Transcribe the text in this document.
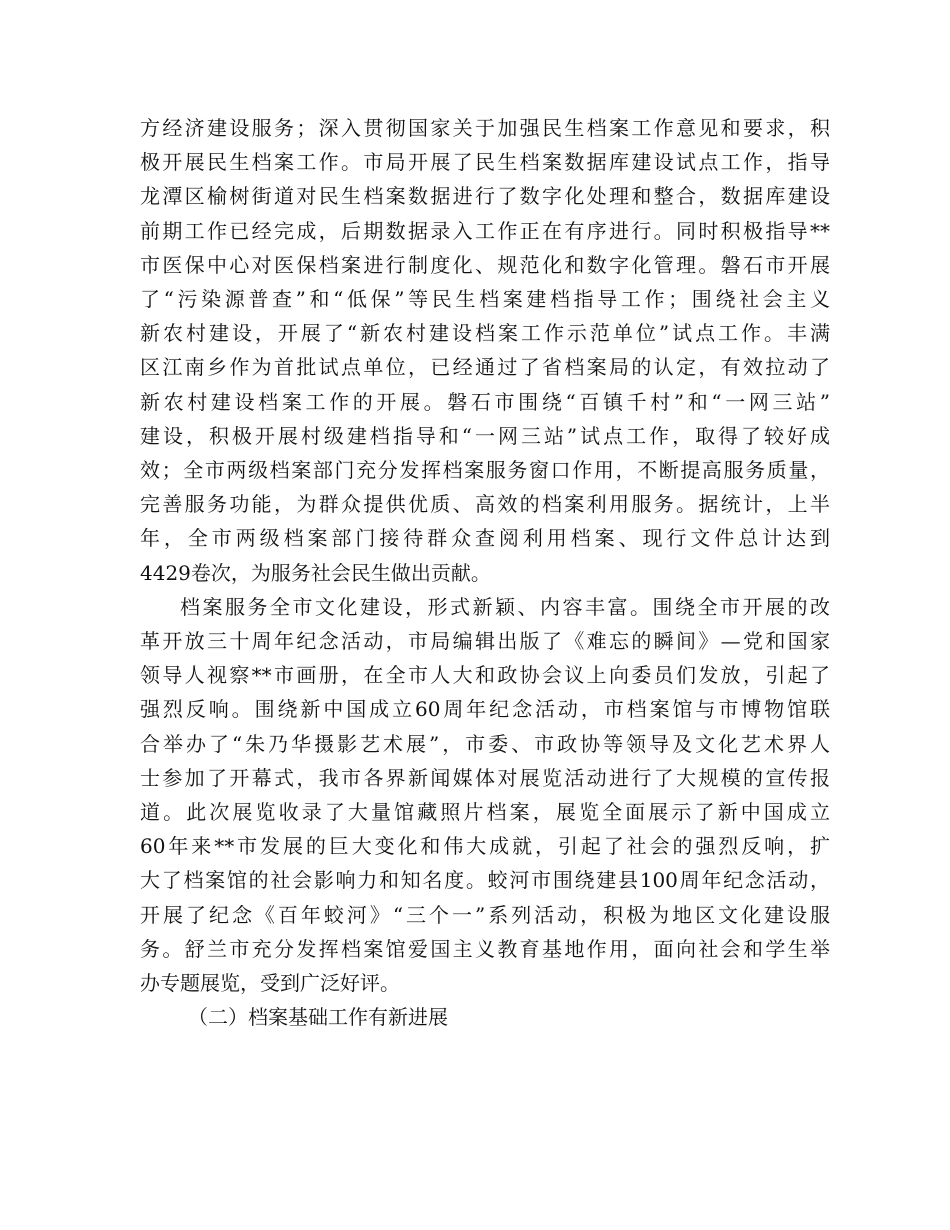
方经济建设服务；深入贯彻国家关于加强民生档案工作意见和要求，积
极开展民生档案工作。市局开展了民生档案数据库建设试点工作，指导
龙潭区榆树街道对民生档案数据进行了数字化处理和整合，数据库建设
前期工作已经完成，后期数据录入工作正在有序进行。同时积极指导**
市医保中心对医保档案进行制度化、规范化和数字化管理。磐石市开展
了“污染源普查”和“低保”等民生档案建档指导工作；围绕社会主义
新农村建设，开展了“新农村建设档案工作示范单位”试点工作。丰满
区江南乡作为首批试点单位，已经通过了省档案局的认定，有效拉动了
新农村建设档案工作的开展。磐石市围绕“百镇千村”和“一网三站”
建设，积极开展村级建档指导和“一网三站”试点工作，取得了较好成
效；全市两级档案部门充分发挥档案服务窗口作用，不断提高服务质量，
完善服务功能，为群众提供优质、高效的档案利用服务。据统计，上半
年，全市两级档案部门接待群众查阅利用档案、现行文件总计达到
4429卷次，为服务社会民生做出贡献。
档案服务全市文化建设，形式新颖、内容丰富。围绕全市开展的改
革开放三十周年纪念活动，市局编辑出版了《难忘的瞬间》—党和国家
领导人视察**市画册，在全市人大和政协会议上向委员们发放，引起了
强烈反响。围绕新中国成立60周年纪念活动，市档案馆与市博物馆联
合举办了“朱乃华摄影艺术展”，市委、市政协等领导及文化艺术界人
士参加了开幕式，我市各界新闻媒体对展览活动进行了大规模的宣传报
道。此次展览收录了大量馆藏照片档案，展览全面展示了新中国成立
60年来**市发展的巨大变化和伟大成就，引起了社会的强烈反响，扩
大了档案馆的社会影响力和知名度。蛟河市围绕建县100周年纪念活动，
开展了纪念《百年蛟河》“三个一”系列活动，积极为地区文化建设服
务。舒兰市充分发挥档案馆爱国主义教育基地作用，面向社会和学生举
办专题展览，受到广泛好评。
（二）档案基础工作有新进展
